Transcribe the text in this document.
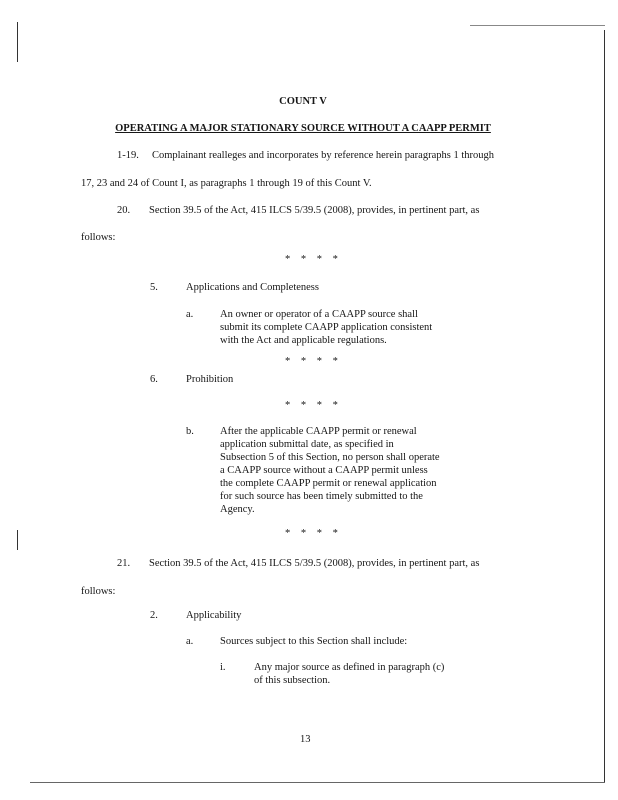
COUNT V
OPERATING A MAJOR STATIONARY SOURCE WITHOUT A CAAPP PERMIT
1-19. Complainant realleges and incorporates by reference herein paragraphs 1 through
17, 23 and 24 of Count I, as paragraphs 1 through 19 of this Count V.
20. Section 39.5 of the Act, 415 ILCS 5/39.5 (2008), provides, in pertinent part, as
follows:
* * * *
5.	Applications and Completeness
a.	An owner or operator of a CAAPP source shall
submit its complete CAAPP application consistent
with the Act and applicable regulations.
* * * *
6.	Prohibition
* * * *
b. After the applicable CAAPP permit or renewal
application submittal date, as specified in
Subsection 5 of this Section, no person shall operate
a CAAPP source without a CAAPP permit unless
the complete CAAPP permit or renewal application
for such source has been timely submitted to the
Agency.
* * * *
21. Section 39.5 of the Act, 415 ILCS 5/39.5 (2008), provides, in pertinent part, as
follows:
2.	Applicability
a.	Sources subject to this Section shall include:
i.	Any major source as defined in paragraph (c)
of this subsection.
13
